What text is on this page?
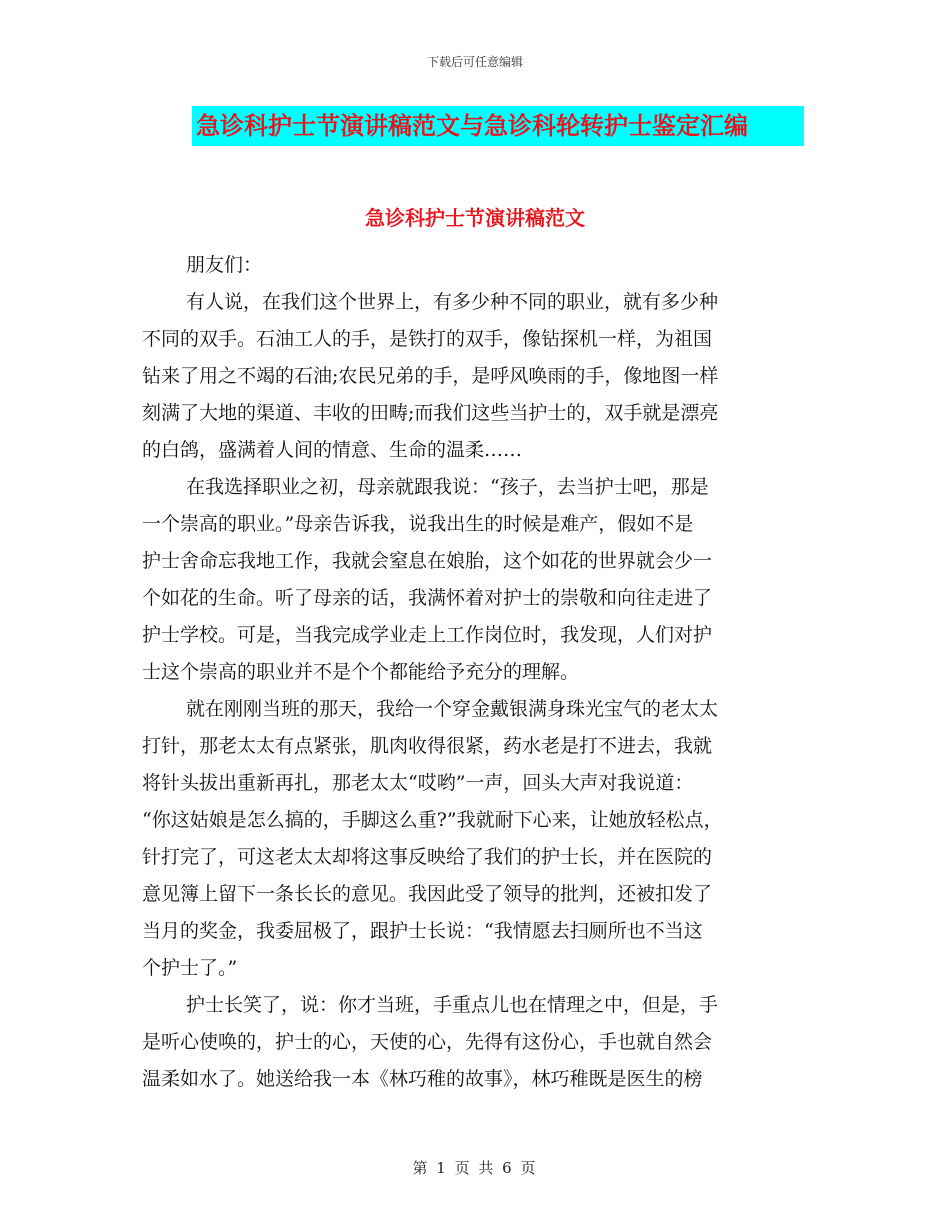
下载后可任意编辑
急诊科护士节演讲稿范文与急诊科轮转护士鉴定汇编
急诊科护士节演讲稿范文
朋友们：
有人说，在我们这个世界上，有多少种不同的职业，就有多少种
不同的双手。石油工人的手，是铁打的双手，像钻探机一样，为祖国
钻来了用之不竭的石油;农民兄弟的手，是呼风唤雨的手，像地图一样
刻满了大地的渠道、丰收的田畴;而我们这些当护士的，双手就是漂亮
的白鸽，盛满着人间的情意、生命的温柔……
在我选择职业之初，母亲就跟我说：“孩子，去当护士吧，那是
一个崇高的职业。”母亲告诉我，说我出生的时候是难产，假如不是
护士舍命忘我地工作，我就会窒息在娘胎，这个如花的世界就会少一
个如花的生命。听了母亲的话，我满怀着对护士的崇敬和向往走进了
护士学校。可是，当我完成学业走上工作岗位时，我发现，人们对护
士这个崇高的职业并不是个个都能给予充分的理解。
就在刚刚当班的那天，我给一个穿金戴银满身珠光宝气的老太太
打针，那老太太有点紧张，肌肉收得很紧，药水老是打不进去，我就
将针头拔出重新再扎，那老太太“哎哟”一声，回头大声对我说道：
“你这姑娘是怎么搞的，手脚这么重?”我就耐下心来，让她放轻松点，
针打完了，可这老太太却将这事反映给了我们的护士长，并在医院的
意见簿上留下一条长长的意见。我因此受了领导的批判，还被扣发了
当月的奖金，我委屈极了，跟护士长说：“我情愿去扫厕所也不当这
个护士了。”
护士长笑了，说：你才当班，手重点儿也在情理之中，但是，手
是听心使唤的，护士的心，天使的心，先得有这份心，手也就自然会
温柔如水了。她送给我一本《林巧稚的故事》，林巧稚既是医生的榜
第 1 页 共 6 页
